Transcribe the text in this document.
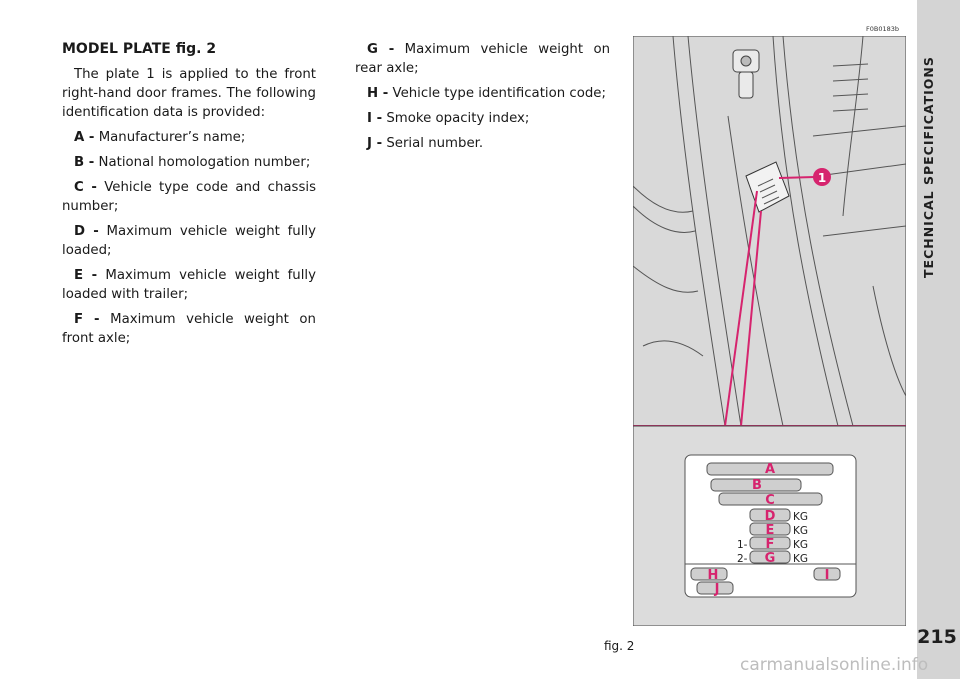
TECHNICAL SPECIFICATIONS
215
MODEL PLATE fig. 2
The plate 1 is applied to the front right-hand door frames. The following identification data is provided:
A - Manufacturer’s name;
B - National homologation number;
C - Vehicle type code and chassis number;
D - Maximum vehicle weight fully loaded;
E - Maximum vehicle weight fully loaded with trailer;
F - Maximum vehicle weight on front axle;
G - Maximum vehicle weight on rear axle;
H - Vehicle type identification code;
I - Smoke opacity index;
J - Serial number.
F0B0183b
1
A
B
C
D
E
F
G
H	I
J
KG
KG
KG
KG
1-
2-
fig. 2
carmanualsonline.info
